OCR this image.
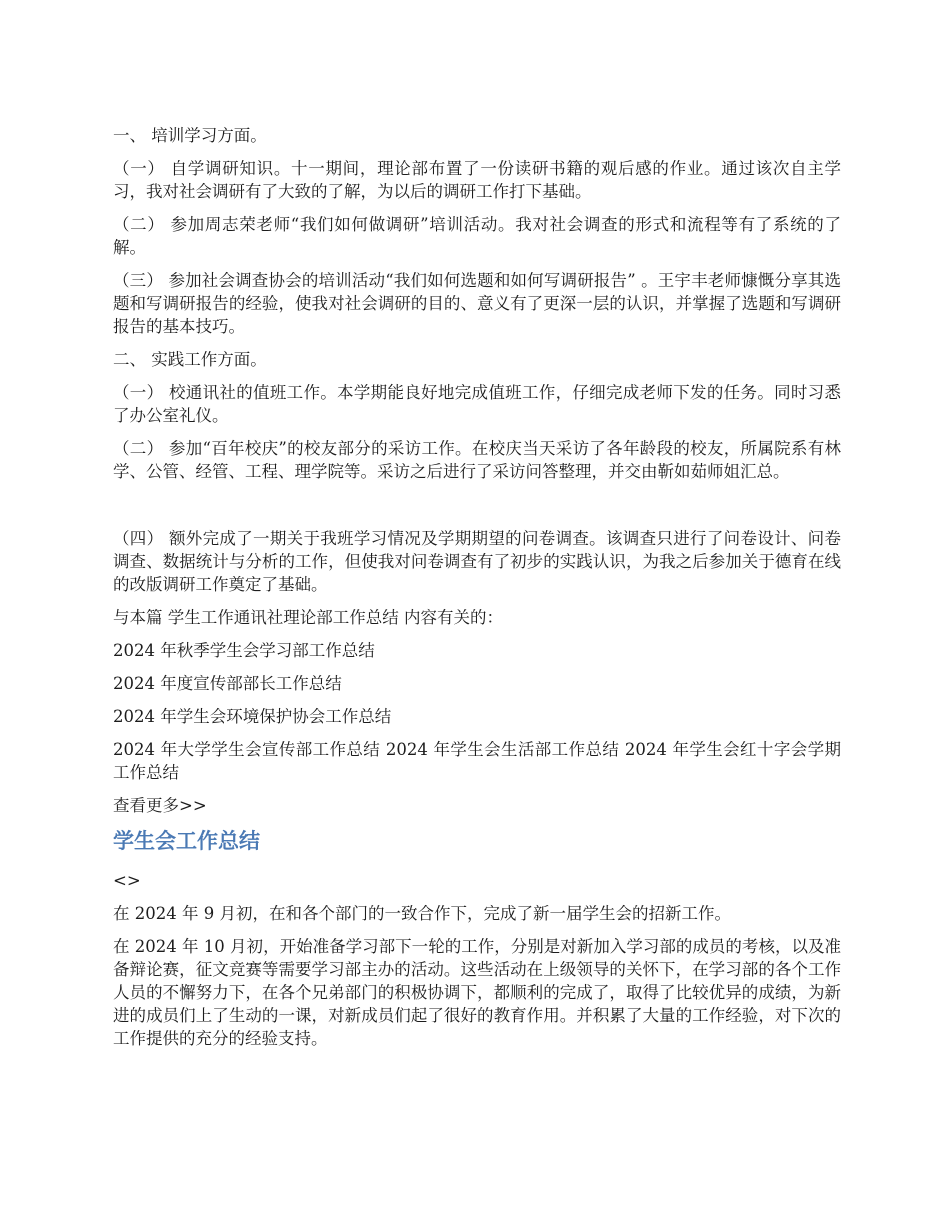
一、 培训学习方面。

（一） 自学调研知识。十一期间，理论部布置了一份读研书籍的观后感的作业。通过该次自主学习，我对社会调研有了大致的了解，为以后的调研工作打下基础。

（二） 参加周志荣老师“我们如何做调研”培训活动。我对社会调查的形式和流程等有了系统的了解。

（三） 参加社会调查协会的培训活动“我们如何选题和如何写调研报告” 。王宇丰老师慷慨分享其选题和写调研报告的经验，使我对社会调研的目的、意义有了更深一层的认识，并掌握了选题和写调研报告的基本技巧。

二、 实践工作方面。

（一） 校通讯社的值班工作。本学期能良好地完成值班工作，仔细完成老师下发的任务。同时习悉了办公室礼仪。

（二） 参加“百年校庆”的校友部分的采访工作。在校庆当天采访了各年龄段的校友，所属院系有林学、公管、经管、工程、理学院等。采访之后进行了采访问答整理，并交由靳如茹师姐汇总。

（四） 额外完成了一期关于我班学习情况及学期期望的问卷调查。该调查只进行了问卷设计、问卷调查、数据统计与分析的工作，但使我对问卷调查有了初步的实践认识，为我之后参加关于德育在线的改版调研工作奠定了基础。

与本篇 学生工作通讯社理论部工作总结 内容有关的：

2024 年秋季学生会学习部工作总结

2024 年度宣传部部长工作总结

2024 年学生会环境保护协会工作总结

2024 年大学学生会宣传部工作总结 2024 年学生会生活部工作总结 2024 年学生会红十字会学期工作总结

查看更多>>

学生会工作总结

<>

在 2024 年 9 月初，在和各个部门的一致合作下，完成了新一届学生会的招新工作。

在 2024 年 10 月初，开始准备学习部下一轮的工作，分别是对新加入学习部的成员的考核，以及准备辩论赛，征文竞赛等需要学习部主办的活动。这些活动在上级领导的关怀下，在学习部的各个工作人员的不懈努力下，在各个兄弟部门的积极协调下，都顺利的完成了，取得了比较优异的成绩，为新进的成员们上了生动的一课，对新成员们起了很好的教育作用。并积累了大量的工作经验，对下次的工作提供的充分的经验支持。
